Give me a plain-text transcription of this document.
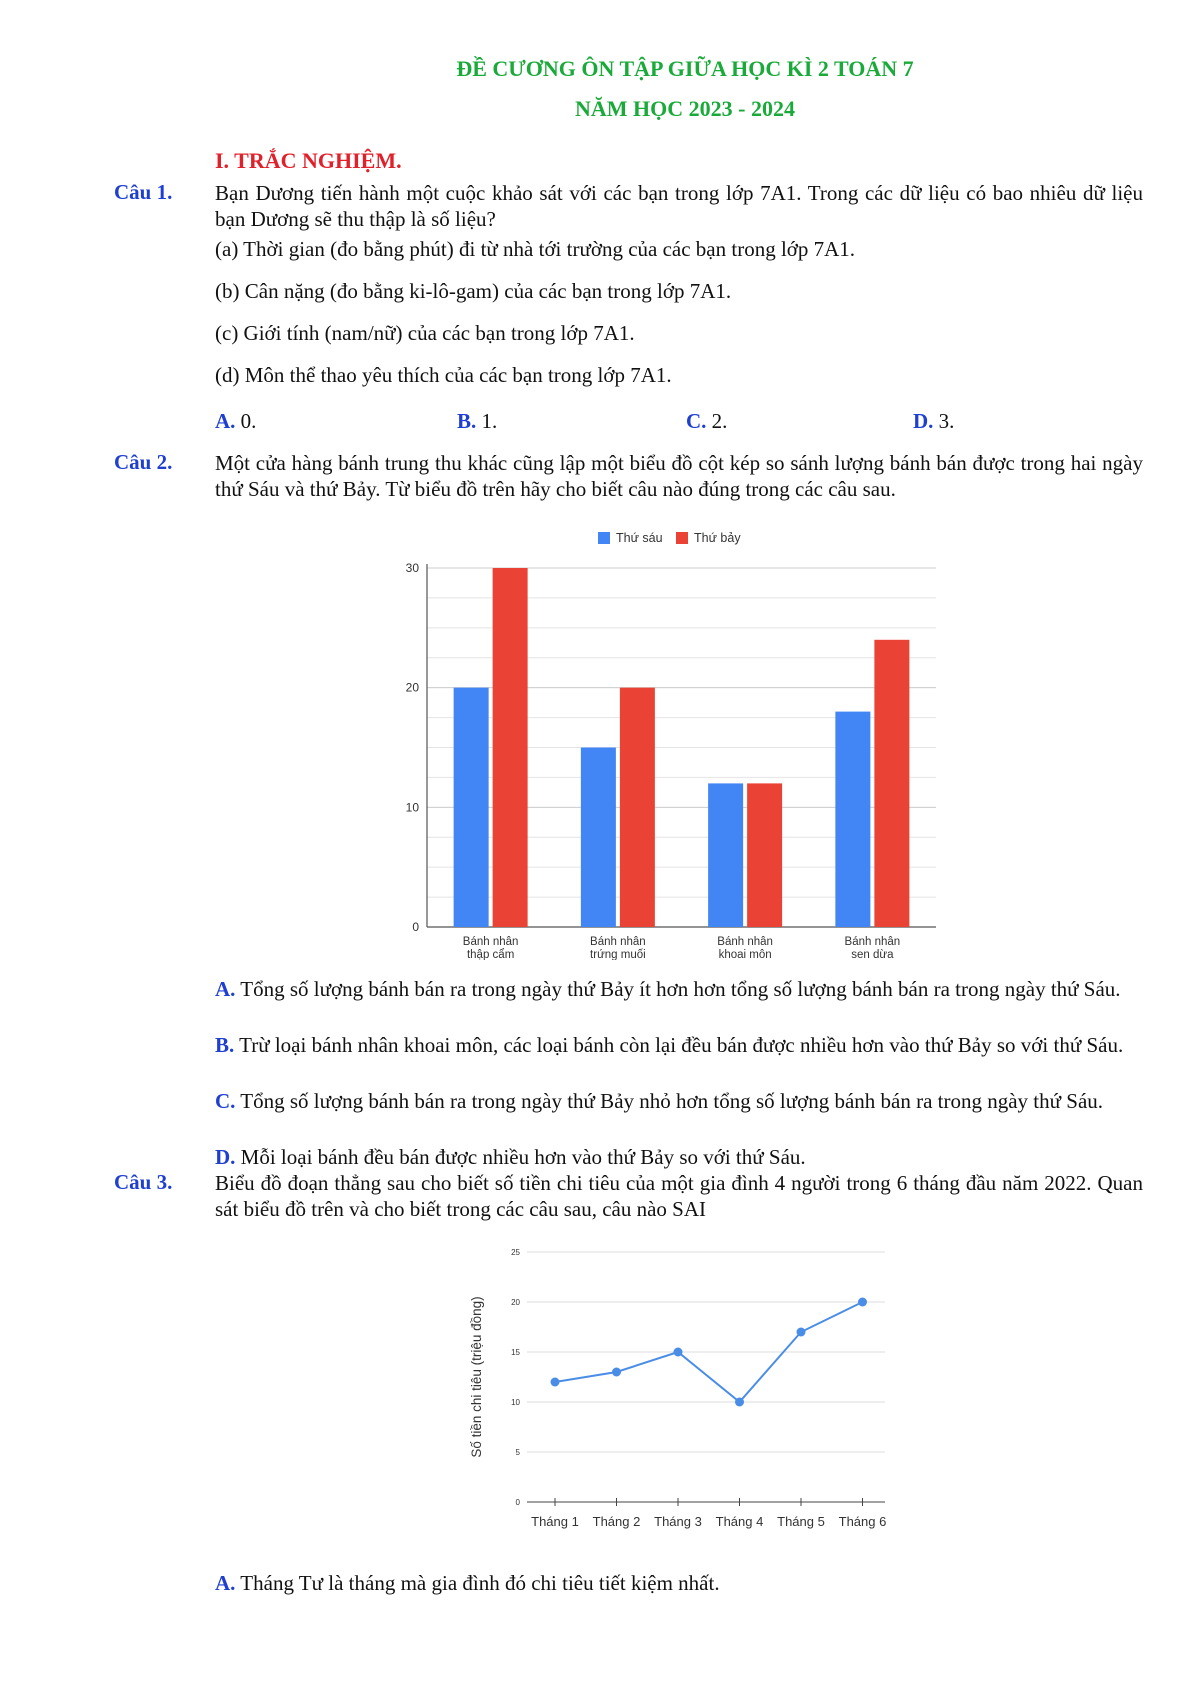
ĐỀ CƯƠNG ÔN TẬP GIỮA HỌC KÌ 2 TOÁN 7
NĂM HỌC 2023 - 2024
I. TRẮC NGHIỆM.
Câu 1. Bạn Dương tiến hành một cuộc khảo sát với các bạn trong lớp 7A1. Trong các dữ liệu có bao nhiêu dữ liệu bạn Dương sẽ thu thập là số liệu?
(a) Thời gian (đo bằng phút) đi từ nhà tới trường của các bạn trong lớp 7A1.
(b) Cân nặng (đo bằng ki-lô-gam) của các bạn trong lớp 7A1.
(c) Giới tính (nam/nữ) của các bạn trong lớp 7A1.
(d) Môn thể thao yêu thích của các bạn trong lớp 7A1.
A. 0.	B. 1.	C. 2.	D. 3.
Câu 2. Một cửa hàng bánh trung thu khác cũng lập một biểu đồ cột kép so sánh lượng bánh bán được trong hai ngày thứ Sáu và thứ Bảy. Từ biểu đồ trên hãy cho biết câu nào đúng trong các câu sau.
0
10
20
30
Bánh nhân
thập cẩm
Bánh nhân
trứng muối
Bánh nhân
khoai môn
Bánh nhân
sen dừa
Thứ sáu	Thứ bảy
A. Tổng số lượng bánh bán ra trong ngày thứ Bảy ít hơn hơn tổng số lượng bánh bán ra trong ngày thứ Sáu.
B. Trừ loại bánh nhân khoai môn, các loại bánh còn lại đều bán được nhiều hơn vào thứ Bảy so với thứ Sáu.
C. Tổng số lượng bánh bán ra trong ngày thứ Bảy nhỏ hơn tổng số lượng bánh bán ra trong ngày thứ Sáu.
D. Mỗi loại bánh đều bán được nhiều hơn vào thứ Bảy so với thứ Sáu.
Câu 3. Biểu đồ đoạn thẳng sau cho biết số tiền chi tiêu của một gia đình 4 người trong 6 tháng đầu năm 2022. Quan sát biểu đồ trên và cho biết trong các câu sau, câu nào SAI
0
5
10
15
20
25
Tháng 1 Tháng 2 Tháng 3 Tháng 4 Tháng 5 Tháng 6
Số tiền chi tiêu (triệu đồng)
A. Tháng Tư là tháng mà gia đình đó chi tiêu tiết kiệm nhất.
